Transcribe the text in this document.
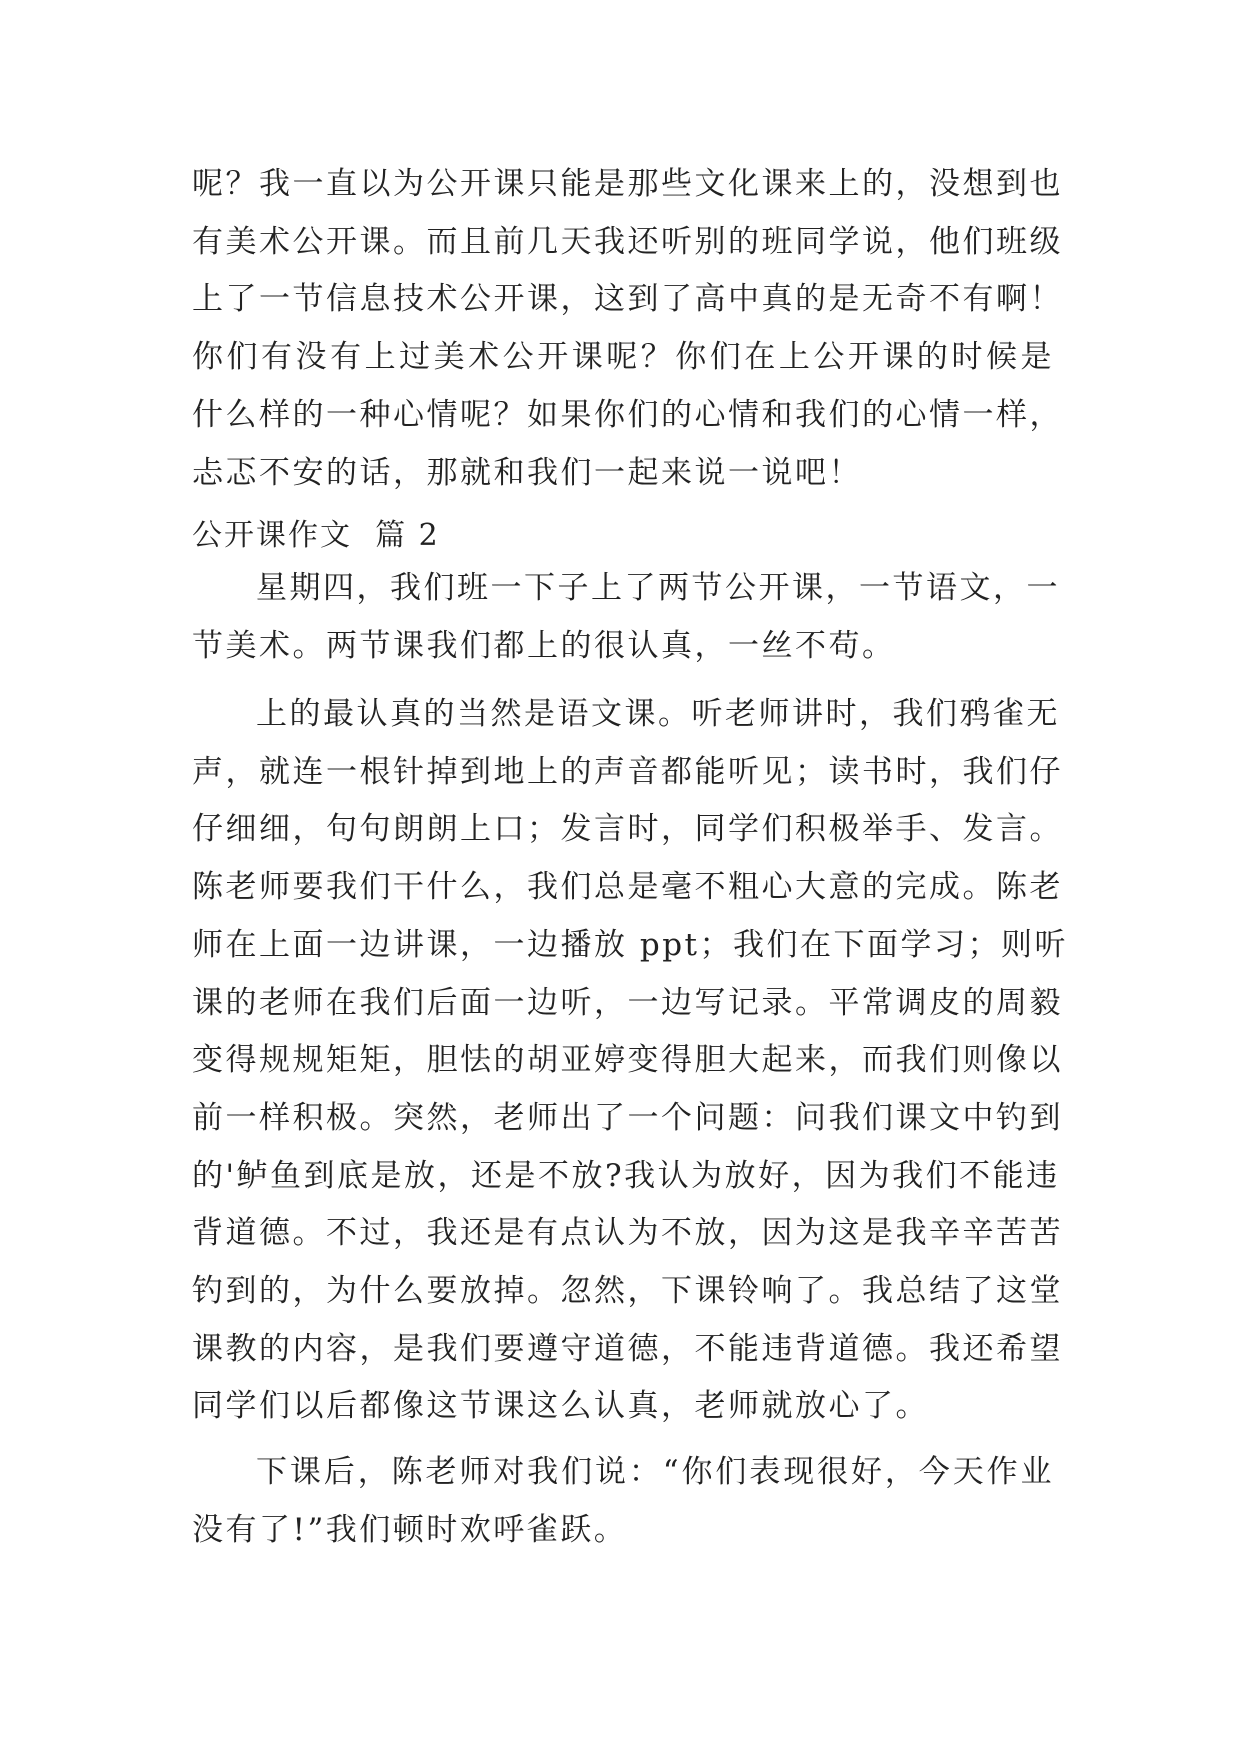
呢？我一直以为公开课只能是那些文化课来上的，没想到也
有美术公开课。而且前几天我还听别的班同学说，他们班级
上了一节信息技术公开课，这到了高中真的是无奇不有啊！
你们有没有上过美术公开课呢？你们在上公开课的时候是
什么样的一种心情呢？如果你们的心情和我们的心情一样，
忐忑不安的话，那就和我们一起来说一说吧！
公开课作文  篇 2
星期四，我们班一下子上了两节公开课，一节语文，一
节美术。两节课我们都上的很认真，一丝不苟。
上的最认真的当然是语文课。听老师讲时，我们鸦雀无
声，就连一根针掉到地上的声音都能听见；读书时，我们仔
仔细细，句句朗朗上口；发言时，同学们积极举手、发言。
陈老师要我们干什么，我们总是毫不粗心大意的完成。陈老
师在上面一边讲课，一边播放 ppt；我们在下面学习；则听
课的老师在我们后面一边听，一边写记录。平常调皮的周毅
变得规规矩矩，胆怯的胡亚婷变得胆大起来，而我们则像以
前一样积极。突然，老师出了一个问题：问我们课文中钓到
的'鲈鱼到底是放，还是不放?我认为放好，因为我们不能违
背道德。不过，我还是有点认为不放，因为这是我辛辛苦苦
钓到的，为什么要放掉。忽然，下课铃响了。我总结了这堂
课教的内容，是我们要遵守道德，不能违背道德。我还希望
同学们以后都像这节课这么认真，老师就放心了。
下课后，陈老师对我们说：“你们表现很好，今天作业
没有了!”我们顿时欢呼雀跃。
